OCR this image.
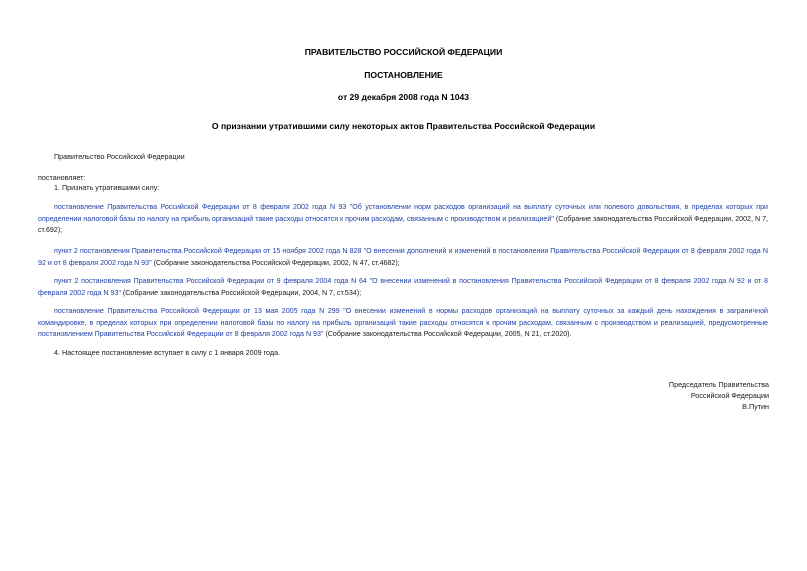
ПРАВИТЕЛЬСТВО РОССИЙСКОЙ ФЕДЕРАЦИИ
ПОСТАНОВЛЕНИЕ
от 29 декабря 2008 года N 1043
О признании утратившими силу некоторых актов Правительства Российской Федерации
Правительство Российской Федерации
постановляет:
1. Признать утратившими силу:
постановление Правительства Российской Федерации от 8 февраля 2002 года N 93 "Об установлении норм расходов организаций на выплату суточных или полевого довольствия, в пределах которых при определении налоговой базы по налогу на прибыль организаций такие расходы относятся к прочим расходам, связанным с производством и реализацией" (Собрание законодательства Российской Федерации, 2002, N 7, ст.692);
пункт 2 постановления Правительства Российской Федерации от 15 ноября 2002 года N 828 "О внесении дополнений и изменений в постановления Правительства Российской Федерации от 8 февраля 2002 года N 92 и от 8 февраля 2002 года N 93" (Собрание законодательства Российской Федерации, 2002, N 47, ст.4682);
пункт 2 постановления Правительства Российской Федерации от 9 февраля 2004 года N 64 "О внесении изменений в постановления Правительства Российской Федерации от 8 февраля 2002 года N 92 и от 8 февраля 2002 года N 93" (Собрание законодательства Российской Федерации, 2004, N 7, ст.534);
постановление Правительства Российской Федерации от 13 мая 2005 года N 299 "О внесении изменений в нормы расходов организаций на выплату суточных за каждый день нахождения в заграничной командировке, в пределах которых при определении налоговой базы по налогу на прибыль организаций такие расходы относятся к прочим расходам, связанным с производством и реализацией, предусмотренные постановлением Правительства Российской Федерации от 8 февраля 2002 года N 93" (Собрание законодательства Российской Федерации, 2005, N 21, ст.2020).
4. Настоящее постановление вступает в силу с 1 января 2009 года.
Председатель Правительства
Российской Федерации
В.Путин
